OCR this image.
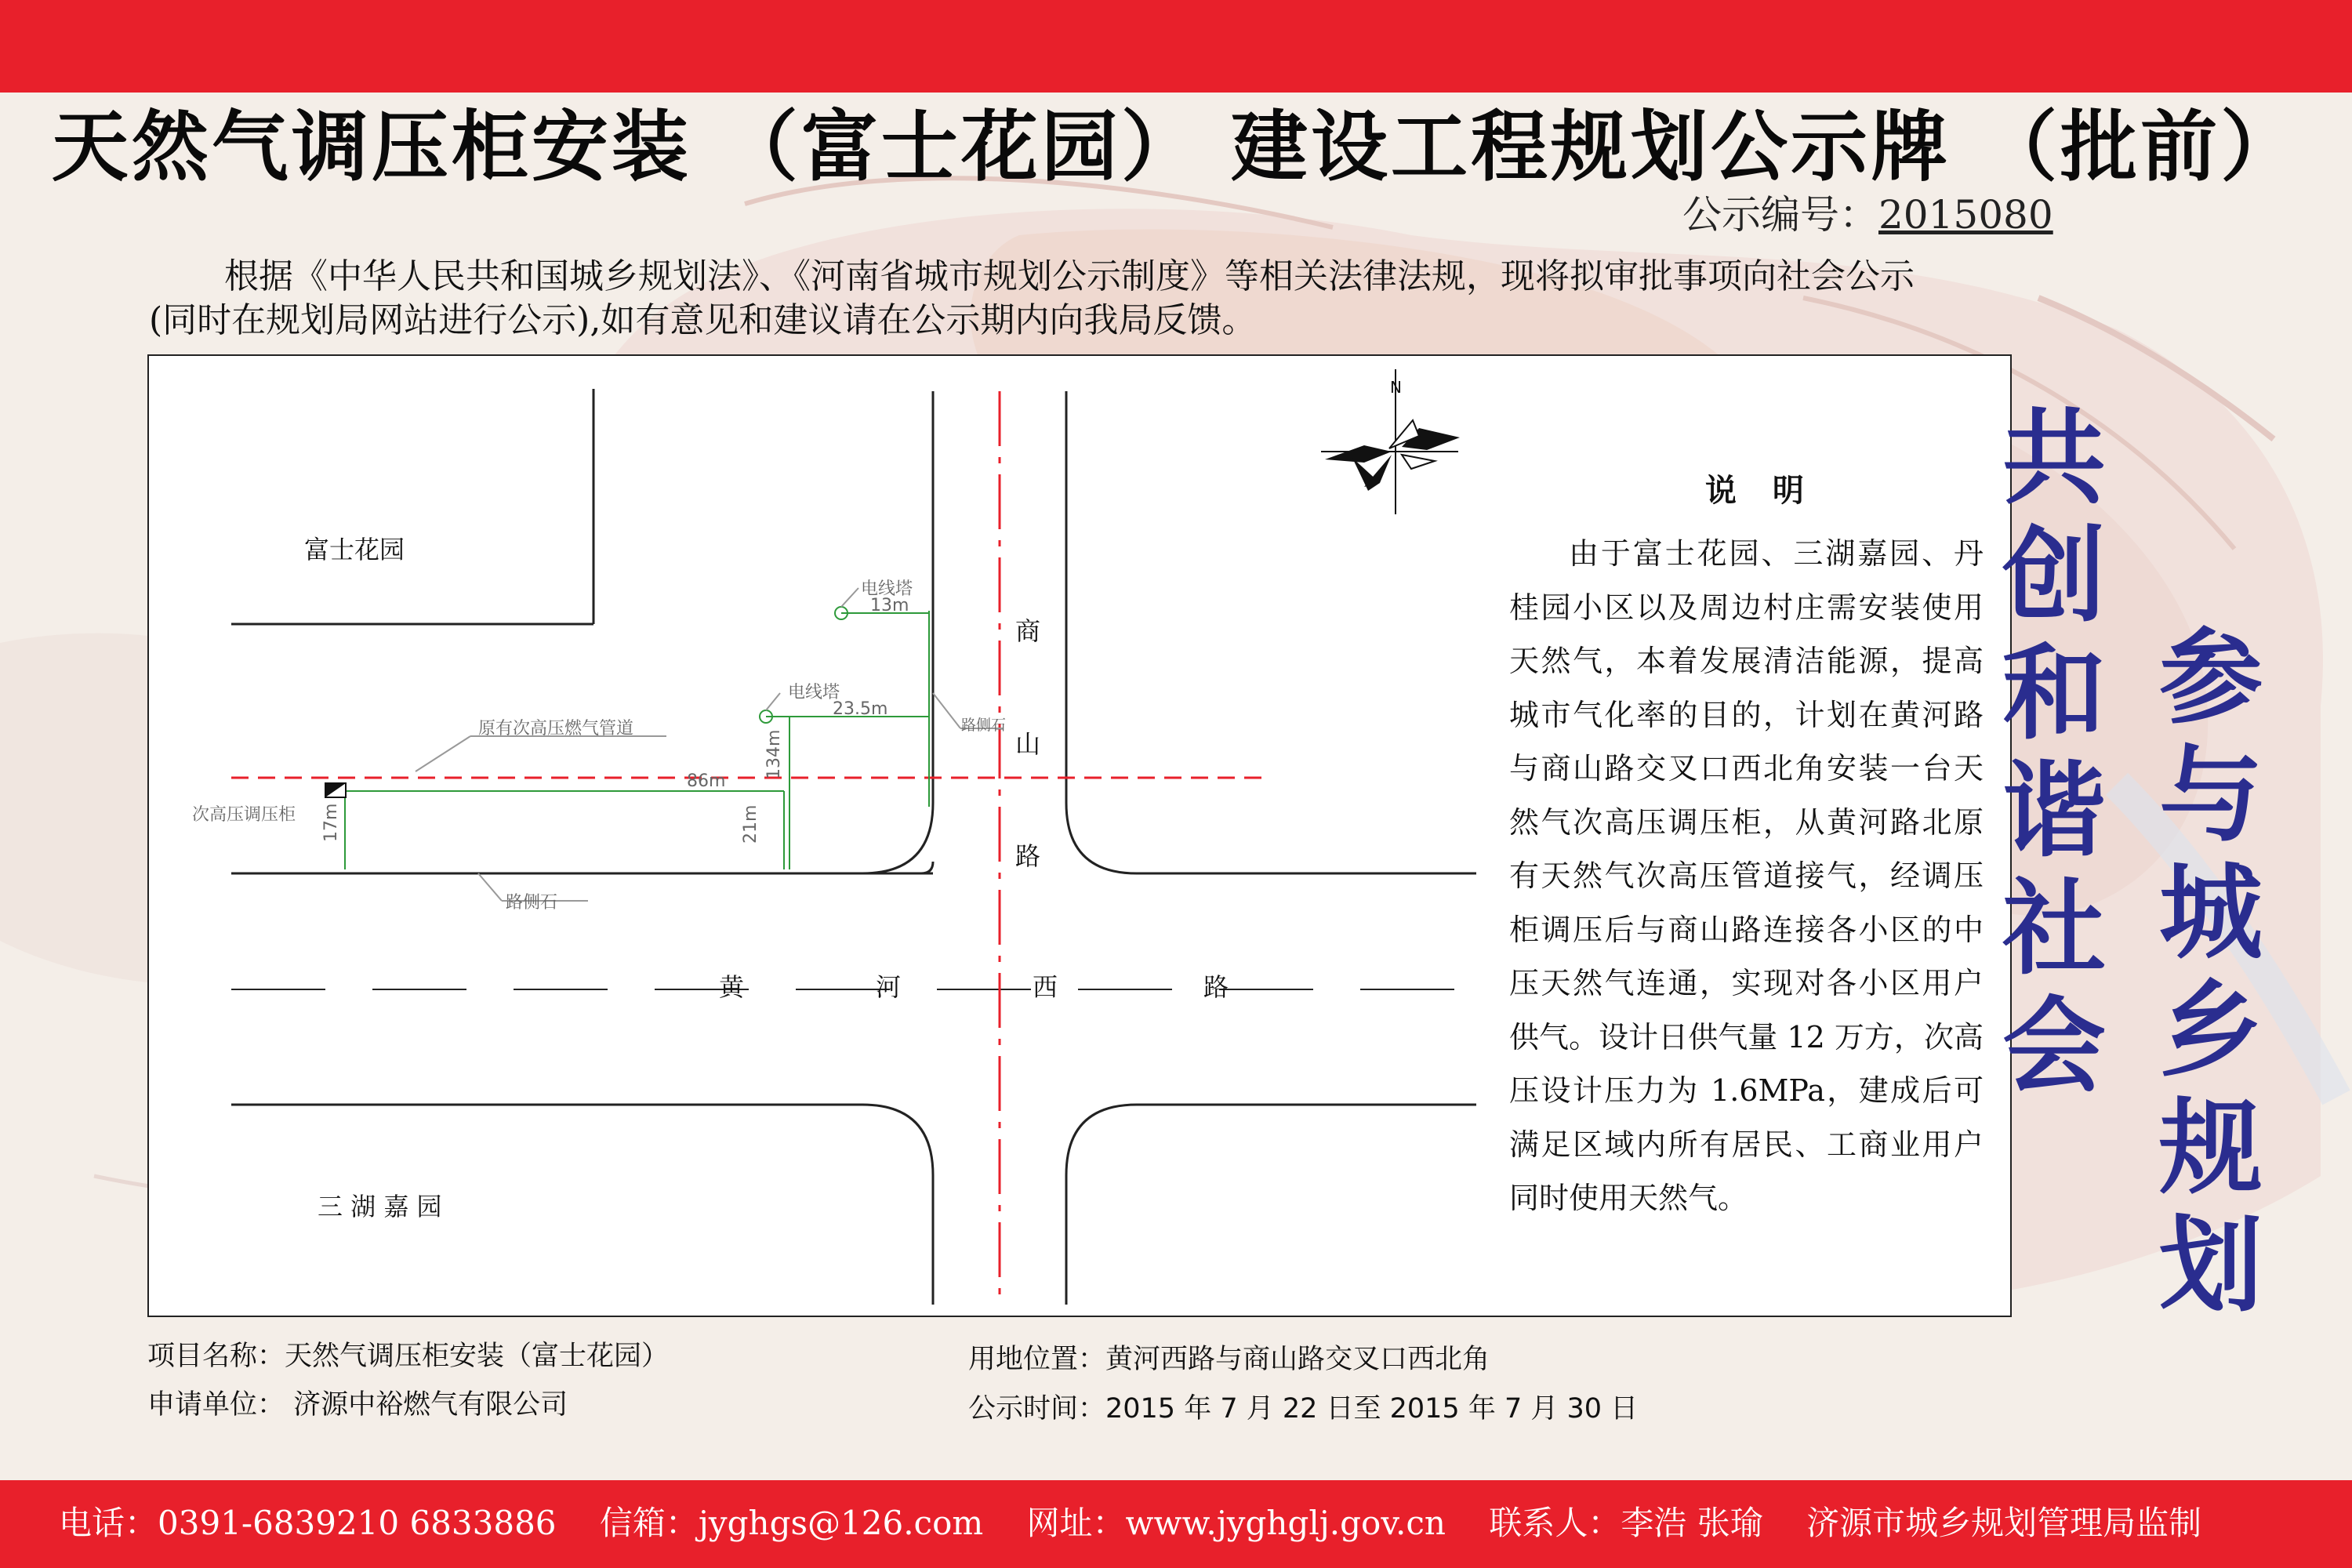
天然气调压柜安装 （富士花园） 建设工程规划公示牌 （批前）
公示编号：2015080

根据《中华人民共和国城乡规划法》、《河南省城市规划公示制度》等相关法律法规，现将拟审批事项向社会公示

(同时在规划局网站进行公示),如有意见和建议请在公示期内向我局反馈。

N
富士花园
三 湖 嘉 园
商
山
路
黄	河	西	路
电线塔
13m
电线塔
23.5m
路侧石
原有次高压燃气管道
次高压调压柜
86m
134m
21m
17m
路侧石
说 明
由于富士花园、三湖嘉园、丹桂园小区以及周边村庄需安装使用天然气，本着发展清洁能源，提高城市气化率的目的，计划在黄河路与商山路交叉口西北角安装一台天然气次高压调压柜，从黄河路北原有天然气次高压管道接气，经调压柜调压后与商山路连接各小区的中压天然气连通，实现对各小区用户供气。设计日供气量 12 万方，次高压设计压力为 1.6MPa，建成后可满足区域内所有居民、工商业用户同时使用天然气。
共
创
和
谐
社
会
参
与
城
乡
规
划
项目名称：天然气调压柜安装（富士花园）
申请单位： 济源中裕燃气有限公司
用地位置：黄河西路与商山路交叉口西北角
公示时间：2015 年 7 月 22 日至 2015 年 7 月 30 日
电话：0391-6839210 6833886 信箱：jyghgs@126.com 网址：www.jyghglj.gov.cn 联系人：李浩 张瑜 济源市城乡规划管理局监制
